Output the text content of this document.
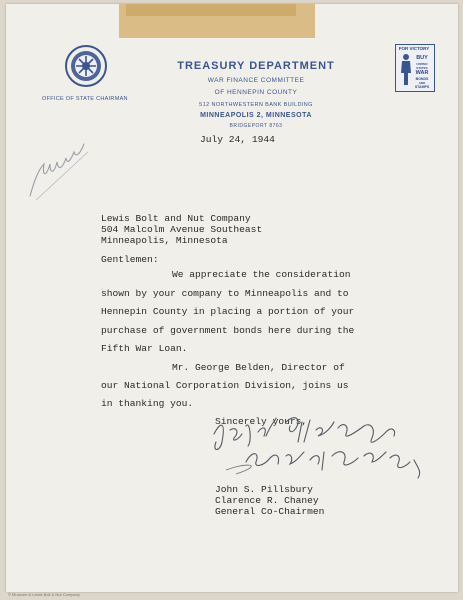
OFFICE OF STATE CHAIRMAN
TREASURY DEPARTMENT
WAR FINANCE COMMITTEE
OF HENNEPIN COUNTY
512 NORTHWESTERN BANK BUILDING
MINNEAPOLIS 2, MINNESOTA
BRIDGEPORT 8763
FOR VICTORY
BUY
UNITED
STATES
WAR
BONDS
AND
STAMPS
July 24, 1944
Lewis Bolt and Nut Company
504 Malcolm Avenue Southeast
Minneapolis, Minnesota
Gentlemen:
We appreciate the consideration
shown by your company to Minneapolis and to
Hennepin County in placing a portion of your
purchase of government bonds here during the
Fifth War Loan.
Mr. George Belden, Director of
our National Corporation Division, joins us
in thanking you.
Sincerely yours,
John S. Pillsbury
Clarence R. Chaney
General Co-Chairmen
© Museum & Lewis Bolt & Nut Company
